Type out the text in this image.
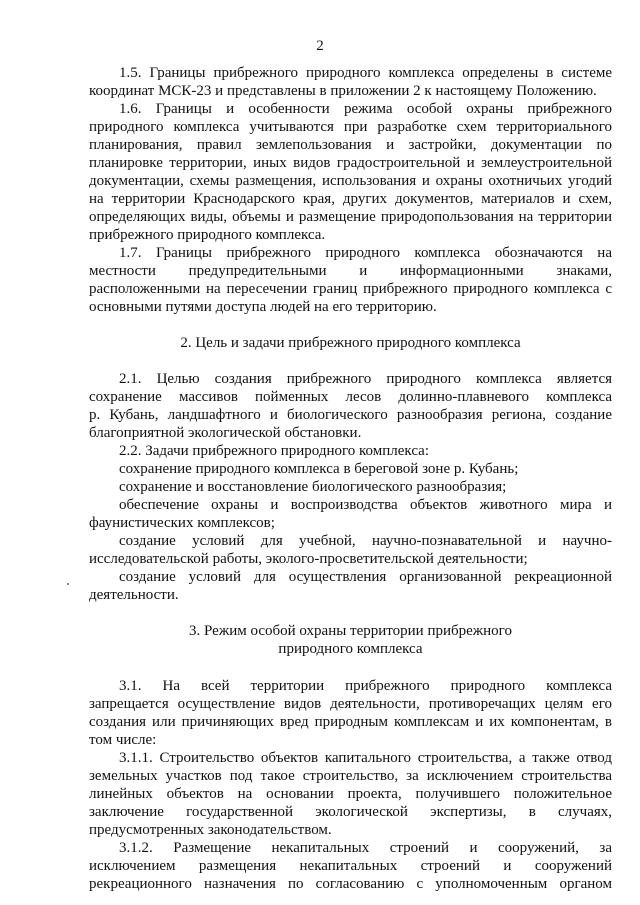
2
1.5. Границы прибрежного природного комплекса определены в системе
координат МСК-23 и представлены в приложении 2 к настоящему Положению.
1.6. Границы и особенности режима особой охраны прибрежного
природного комплекса учитываются при разработке схем территориального
планирования, правил землепользования и застройки, документации по
планировке территории, иных видов градостроительной и землеустроительной
документации, схемы размещения, использования и охраны охотничьих угодий
на территории Краснодарского края, других документов, материалов и схем,
определяющих виды, объемы и размещение природопользования на территории
прибрежного природного комплекса.
1.7. Границы прибрежного природного комплекса обозначаются на
местности предупредительными и информационными знаками,
расположенными на пересечении границ прибрежного природного комплекса с
основными путями доступа людей на его территорию.
2. Цель и задачи прибрежного природного комплекса
2.1. Целью создания прибрежного природного комплекса является
сохранение массивов пойменных лесов долинно-плавневого комплекса
р. Кубань, ландшафтного и биологического разнообразия региона, создание
благоприятной экологической обстановки.
2.2. Задачи прибрежного природного комплекса:
сохранение природного комплекса в береговой зоне р. Кубань;
сохранение и восстановление биологического разнообразия;
обеспечение охраны и воспроизводства объектов животного мира и
фаунистических комплексов;
создание условий для учебной, научно-познавательной и научно-
исследовательской работы, эколого-просветительской деятельности;
создание условий для осуществления организованной рекреационной
деятельности.
3. Режим особой охраны территории прибрежного
природного комплекса
3.1. На всей территории прибрежного природного комплекса
запрещается осуществление видов деятельности, противоречащих целям его
создания или причиняющих вред природным комплексам и их компонентам, в
том числе:
3.1.1. Строительство объектов капитального строительства, а также отвод
земельных участков под такое строительство, за исключением строительства
линейных объектов на основании проекта, получившего положительное
заключение государственной экологической экспертизы, в случаях,
предусмотренных законодательством.
3.1.2. Размещение некапитальных строений и сооружений, за
исключением размещения некапитальных строений и сооружений
рекреационного назначения по согласованию с уполномоченным органом
